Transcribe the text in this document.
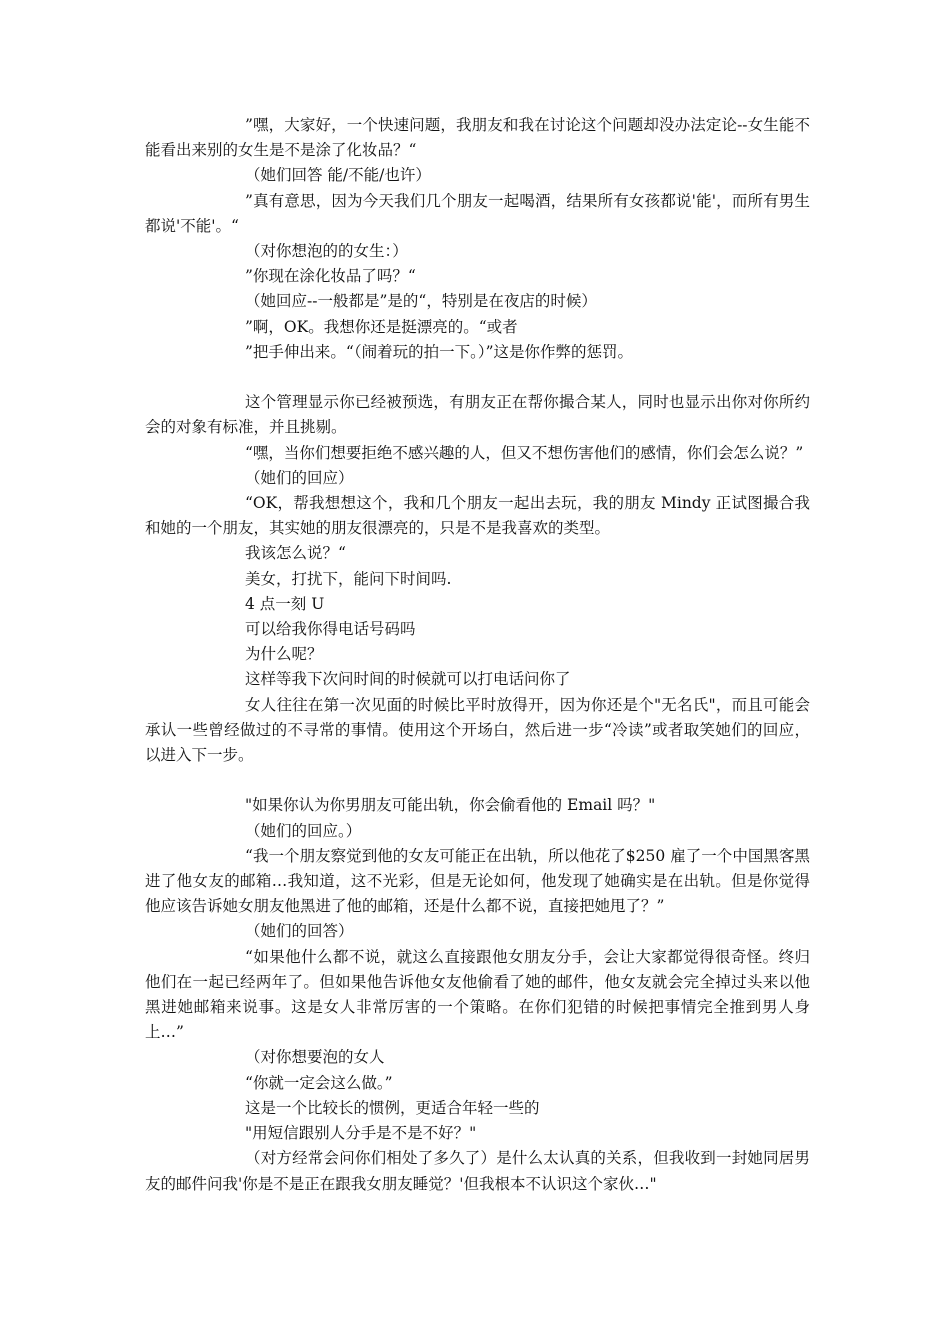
”嘿，大家好，一个快速问题，我朋友和我在讨论这个问题却没办法定论--女生能不能看出来别的女生是不是涂了化妆品？“

（她们回答 能/不能/也许）

”真有意思，因为今天我们几个朋友一起喝酒，结果所有女孩都说'能'，而所有男生都说'不能'。“

（对你想泡的的女生：）

”你现在涂化妆品了吗？“

（她回应--一般都是”是的“，特别是在夜店的时候）

”啊，OK。我想你还是挺漂亮的。“或者

”把手伸出来。“（闹着玩的拍一下。）”这是你作弊的惩罚。

这个管理显示你已经被预选，有朋友正在帮你撮合某人，同时也显示出你对你所约会的对象有标准，并且挑剔。

“嘿，当你们想要拒绝不感兴趣的人，但又不想伤害他们的感情，你们会怎么说？”

（她们的回应）

“OK，帮我想想这个，我和几个朋友一起出去玩，我的朋友 Mindy 正试图撮合我和她的一个朋友，其实她的朋友很漂亮的，只是不是我喜欢的类型。

我该怎么说？“

美女，打扰下，能问下时间吗.

4 点一刻 U

可以给我你得电话号码吗

为什么呢？

这样等我下次问时间的时候就可以打电话问你了

女人往往在第一次见面的时候比平时放得开，因为你还是个"无名氏"，而且可能会承认一些曾经做过的不寻常的事情。使用这个开场白，然后进一步“冷读”或者取笑她们的回应，以进入下一步。

"如果你认为你男朋友可能出轨，你会偷看他的 Email 吗？"

（她们的回应。）

“我一个朋友察觉到他的女友可能正在出轨，所以他花了$250 雇了一个中国黑客黑进了他女友的邮箱…我知道，这不光彩，但是无论如何，他发现了她确实是在出轨。但是你觉得他应该告诉她女朋友他黑进了他的邮箱，还是什么都不说，直接把她甩了？”

（她们的回答）

“如果他什么都不说，就这么直接跟他女朋友分手，会让大家都觉得很奇怪。终归他们在一起已经两年了。但如果他告诉他女友他偷看了她的邮件，他女友就会完全掉过头来以他黑进她邮箱来说事。这是女人非常厉害的一个策略。在你们犯错的时候把事情完全推到男人身上…”

（对你想要泡的女人

“你就一定会这么做。”

这是一个比较长的惯例，更适合年轻一些的

"用短信跟别人分手是不是不好？"

（对方经常会问你们相处了多久了）是什么太认真的关系，但我收到一封她同居男友的邮件问我'你是不是正在跟我女朋友睡觉？'但我根本不认识这个家伙…"
